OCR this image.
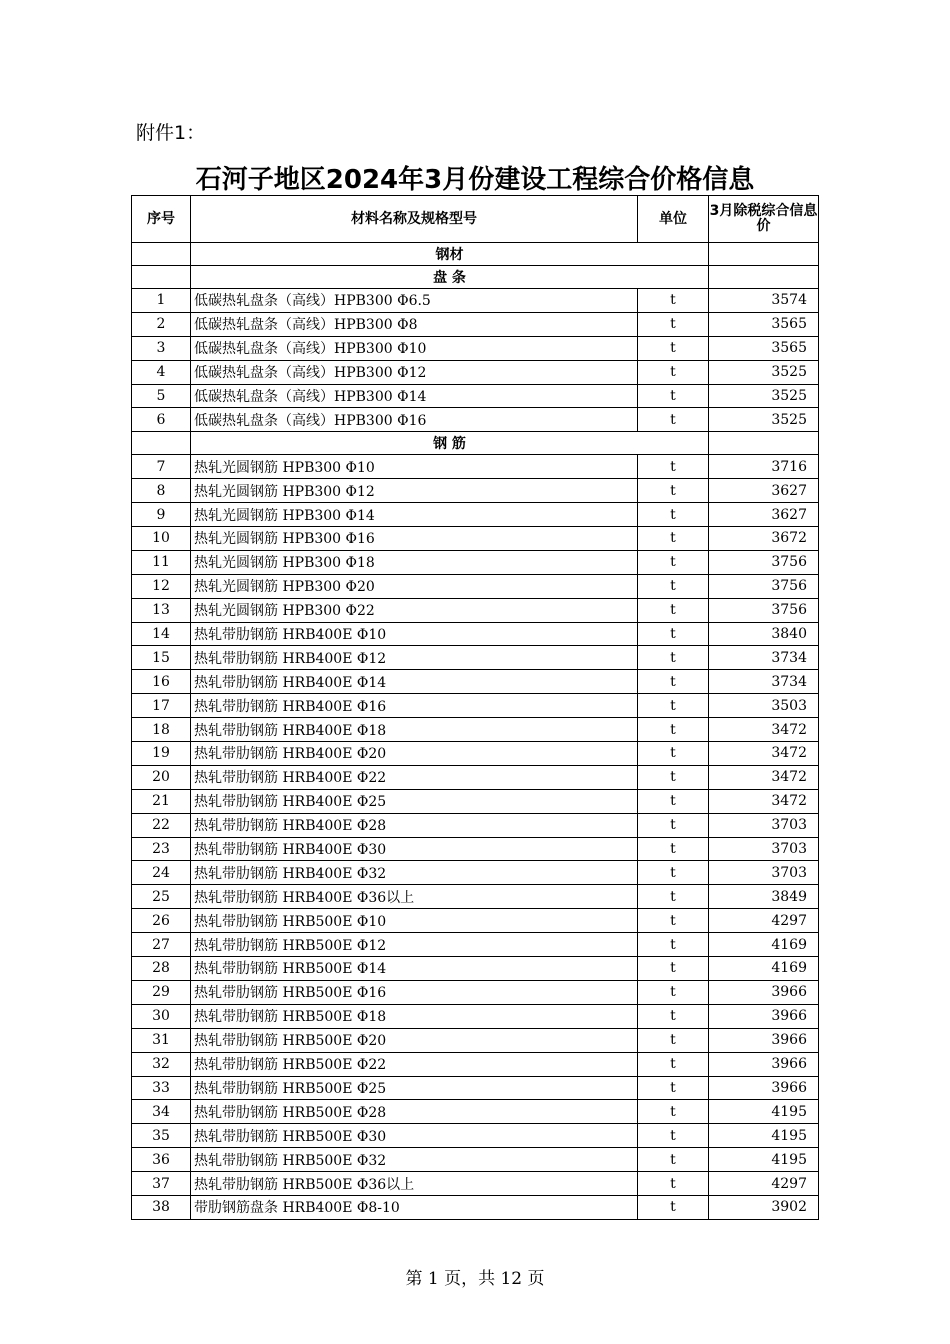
附件1：
石河子地区2024年3月份建设工程综合价格信息
序号	材料名称及规格型号	单位	3月除税综合信息价
	钢材		
	盘 条		
1	低碳热轧盘条（高线）HPB300 Φ6.5	t	3574
2	低碳热轧盘条（高线）HPB300 Φ8	t	3565
3	低碳热轧盘条（高线）HPB300 Φ10	t	3565
4	低碳热轧盘条（高线）HPB300 Φ12	t	3525
5	低碳热轧盘条（高线）HPB300 Φ14	t	3525
6	低碳热轧盘条（高线）HPB300 Φ16	t	3525
	钢 筋		
7	热轧光圆钢筋 HPB300 Φ10	t	3716
8	热轧光圆钢筋 HPB300 Φ12	t	3627
9	热轧光圆钢筋 HPB300 Φ14	t	3627
10	热轧光圆钢筋 HPB300 Φ16	t	3672
11	热轧光圆钢筋 HPB300 Φ18	t	3756
12	热轧光圆钢筋 HPB300 Φ20	t	3756
13	热轧光圆钢筋 HPB300 Φ22	t	3756
14	热轧带肋钢筋 HRB400E Φ10	t	3840
15	热轧带肋钢筋 HRB400E Φ12	t	3734
16	热轧带肋钢筋 HRB400E Φ14	t	3734
17	热轧带肋钢筋 HRB400E Φ16	t	3503
18	热轧带肋钢筋 HRB400E Φ18	t	3472
19	热轧带肋钢筋 HRB400E Φ20	t	3472
20	热轧带肋钢筋 HRB400E Φ22	t	3472
21	热轧带肋钢筋 HRB400E Φ25	t	3472
22	热轧带肋钢筋 HRB400E Φ28	t	3703
23	热轧带肋钢筋 HRB400E Φ30	t	3703
24	热轧带肋钢筋 HRB400E Φ32	t	3703
25	热轧带肋钢筋 HRB400E Φ36以上	t	3849
26	热轧带肋钢筋 HRB500E Φ10	t	4297
27	热轧带肋钢筋 HRB500E Φ12	t	4169
28	热轧带肋钢筋 HRB500E Φ14	t	4169
29	热轧带肋钢筋 HRB500E Φ16	t	3966
30	热轧带肋钢筋 HRB500E Φ18	t	3966
31	热轧带肋钢筋 HRB500E Φ20	t	3966
32	热轧带肋钢筋 HRB500E Φ22	t	3966
33	热轧带肋钢筋 HRB500E Φ25	t	3966
34	热轧带肋钢筋 HRB500E Φ28	t	4195
35	热轧带肋钢筋 HRB500E Φ30	t	4195
36	热轧带肋钢筋 HRB500E Φ32	t	4195
37	热轧带肋钢筋 HRB500E Φ36以上	t	4297
38	带肋钢筋盘条 HRB400E Φ8-10	t	3902
第 1 页，共 12 页
